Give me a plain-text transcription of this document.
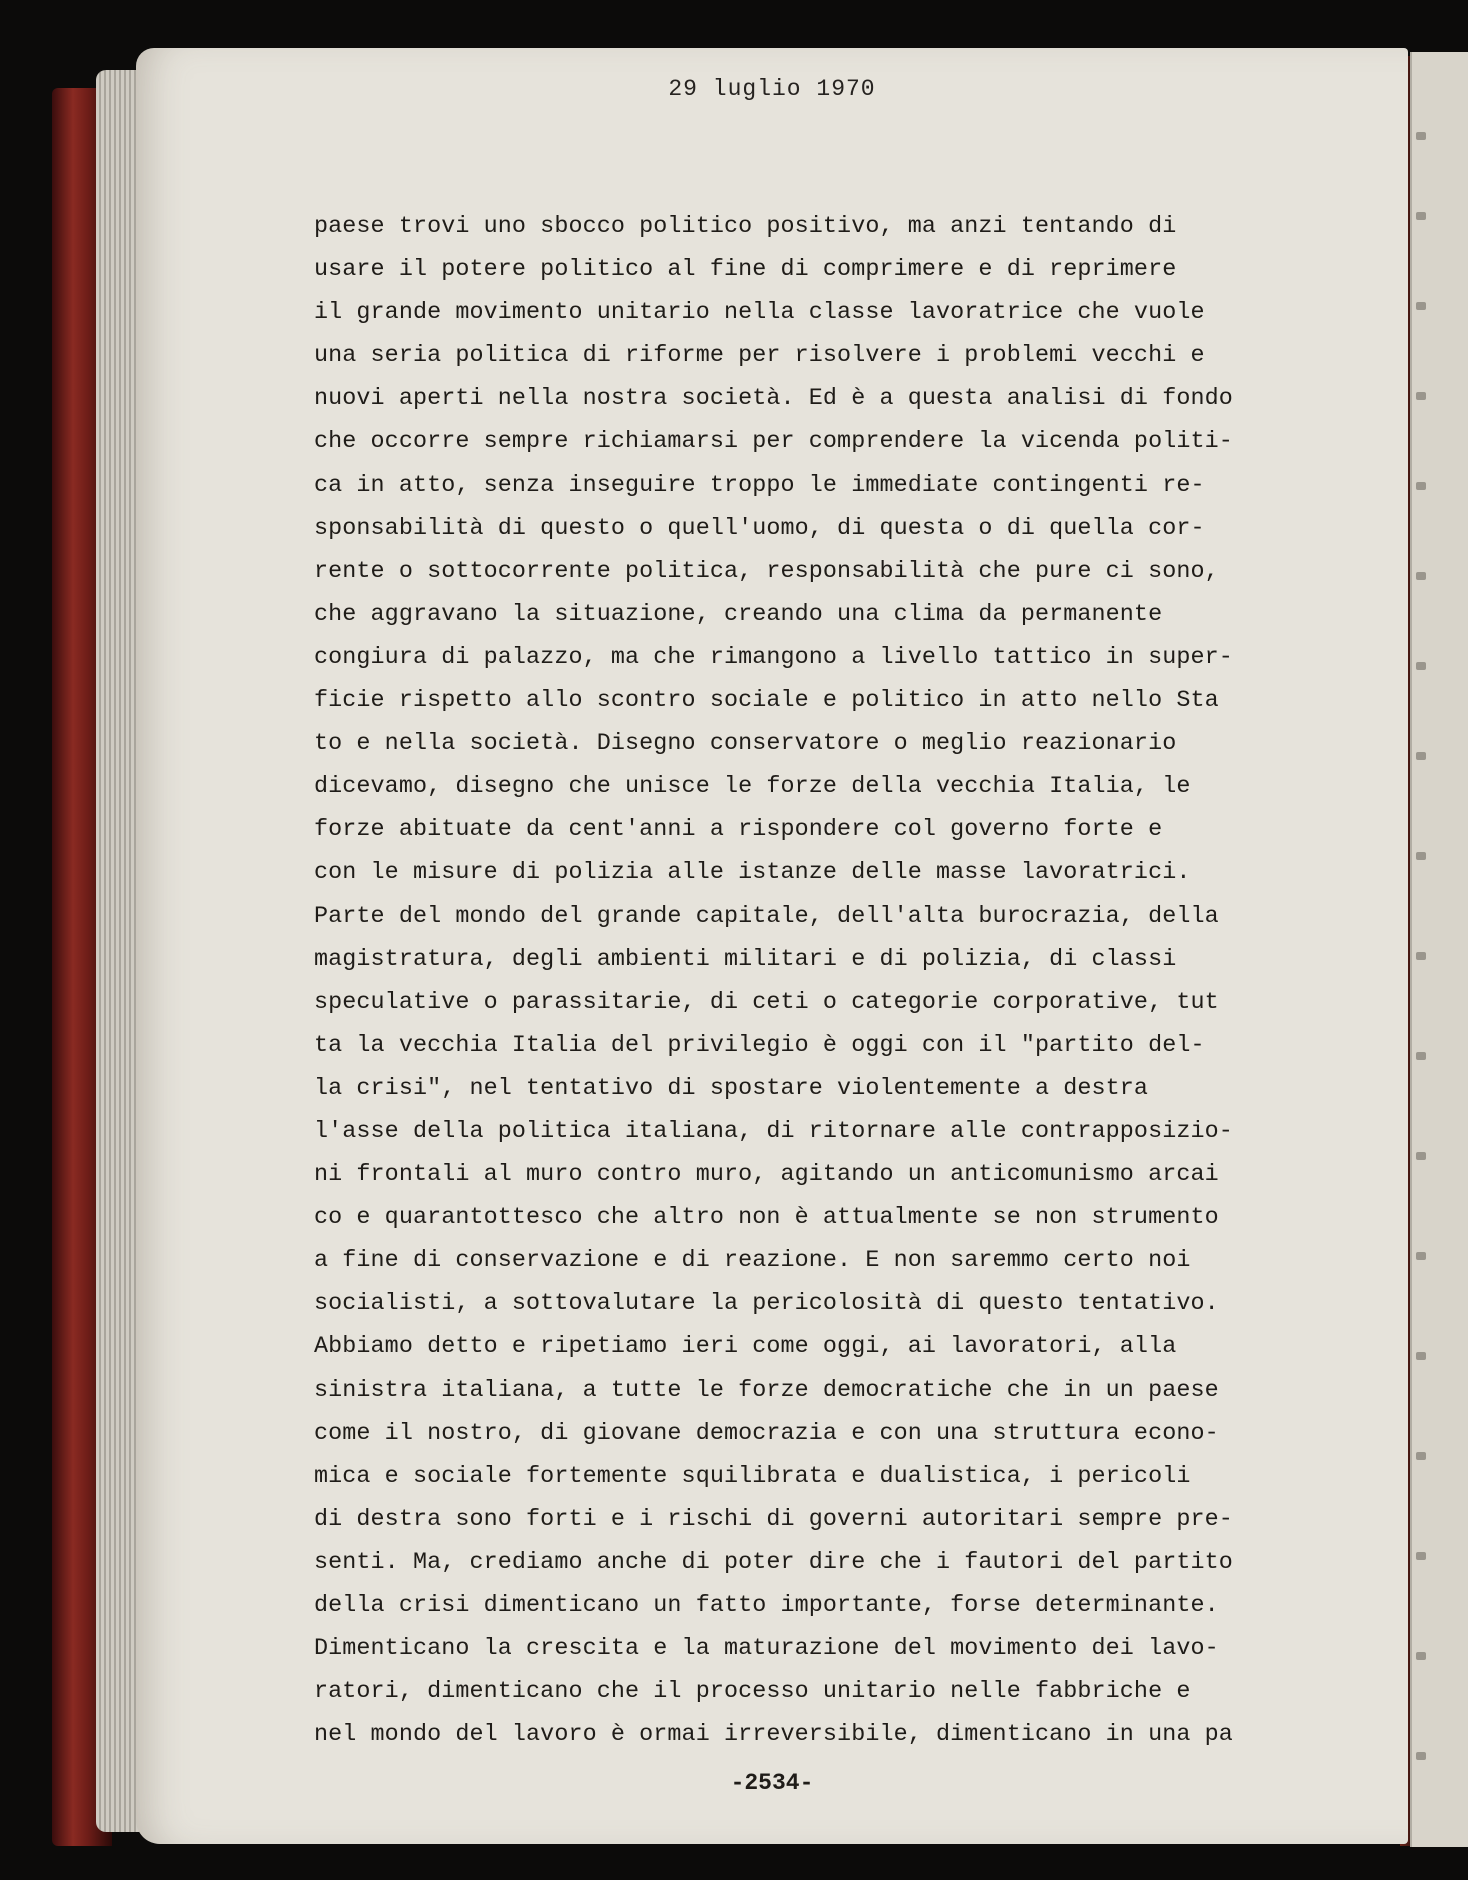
29 luglio 1970
paese trovi uno sbocco politico positivo, ma anzi tentando di
usare il potere politico al fine di comprimere e di reprimere
il grande movimento unitario nella classe lavoratrice che vuole
una seria politica di riforme per risolvere i problemi vecchi e
nuovi aperti nella nostra società. Ed è a questa analisi di fondo
che occorre sempre richiamarsi per comprendere la vicenda politi-
ca in atto, senza inseguire troppo le immediate contingenti re-
sponsabilità di questo o quell'uomo, di questa o di quella cor-
rente o sottocorrente politica, responsabilità che pure ci sono,
che aggravano la situazione, creando una clima da permanente
congiura di palazzo, ma che rimangono a livello tattico in super-
ficie rispetto allo scontro sociale e politico in atto nello Sta
to e nella società. Disegno conservatore o meglio reazionario
dicevamo, disegno che unisce le forze della vecchia Italia, le
forze abituate da cent'anni a rispondere col governo forte e
con le misure di polizia alle istanze delle masse lavoratrici.
Parte del mondo del grande capitale, dell'alta burocrazia, della
magistratura, degli ambienti militari e di polizia, di classi
speculative o parassitarie, di ceti o categorie corporative, tut
ta la vecchia Italia del privilegio è oggi con il "partito del-
la crisi", nel tentativo di spostare violentemente a destra
l'asse della politica italiana, di ritornare alle contrapposizio-
ni frontali al muro contro muro, agitando un anticomunismo arcai
co e quarantottesco che altro non è attualmente se non strumento
a fine di conservazione e di reazione. E non saremmo certo noi
socialisti, a sottovalutare la pericolosità di questo tentativo.
Abbiamo detto e ripetiamo ieri come oggi, ai lavoratori, alla
sinistra italiana, a tutte le forze democratiche che in un paese
come il nostro, di giovane democrazia e con una struttura econo-
mica e sociale fortemente squilibrata e dualistica, i pericoli
di destra sono forti e i rischi di governi autoritari sempre pre-
senti. Ma, crediamo anche di poter dire che i fautori del partito
della crisi dimenticano un fatto importante, forse determinante.
Dimenticano la crescita e la maturazione del movimento dei lavo-
ratori, dimenticano che il processo unitario nelle fabbriche e
nel mondo del lavoro è ormai irreversibile, dimenticano in una pa
-2534-
